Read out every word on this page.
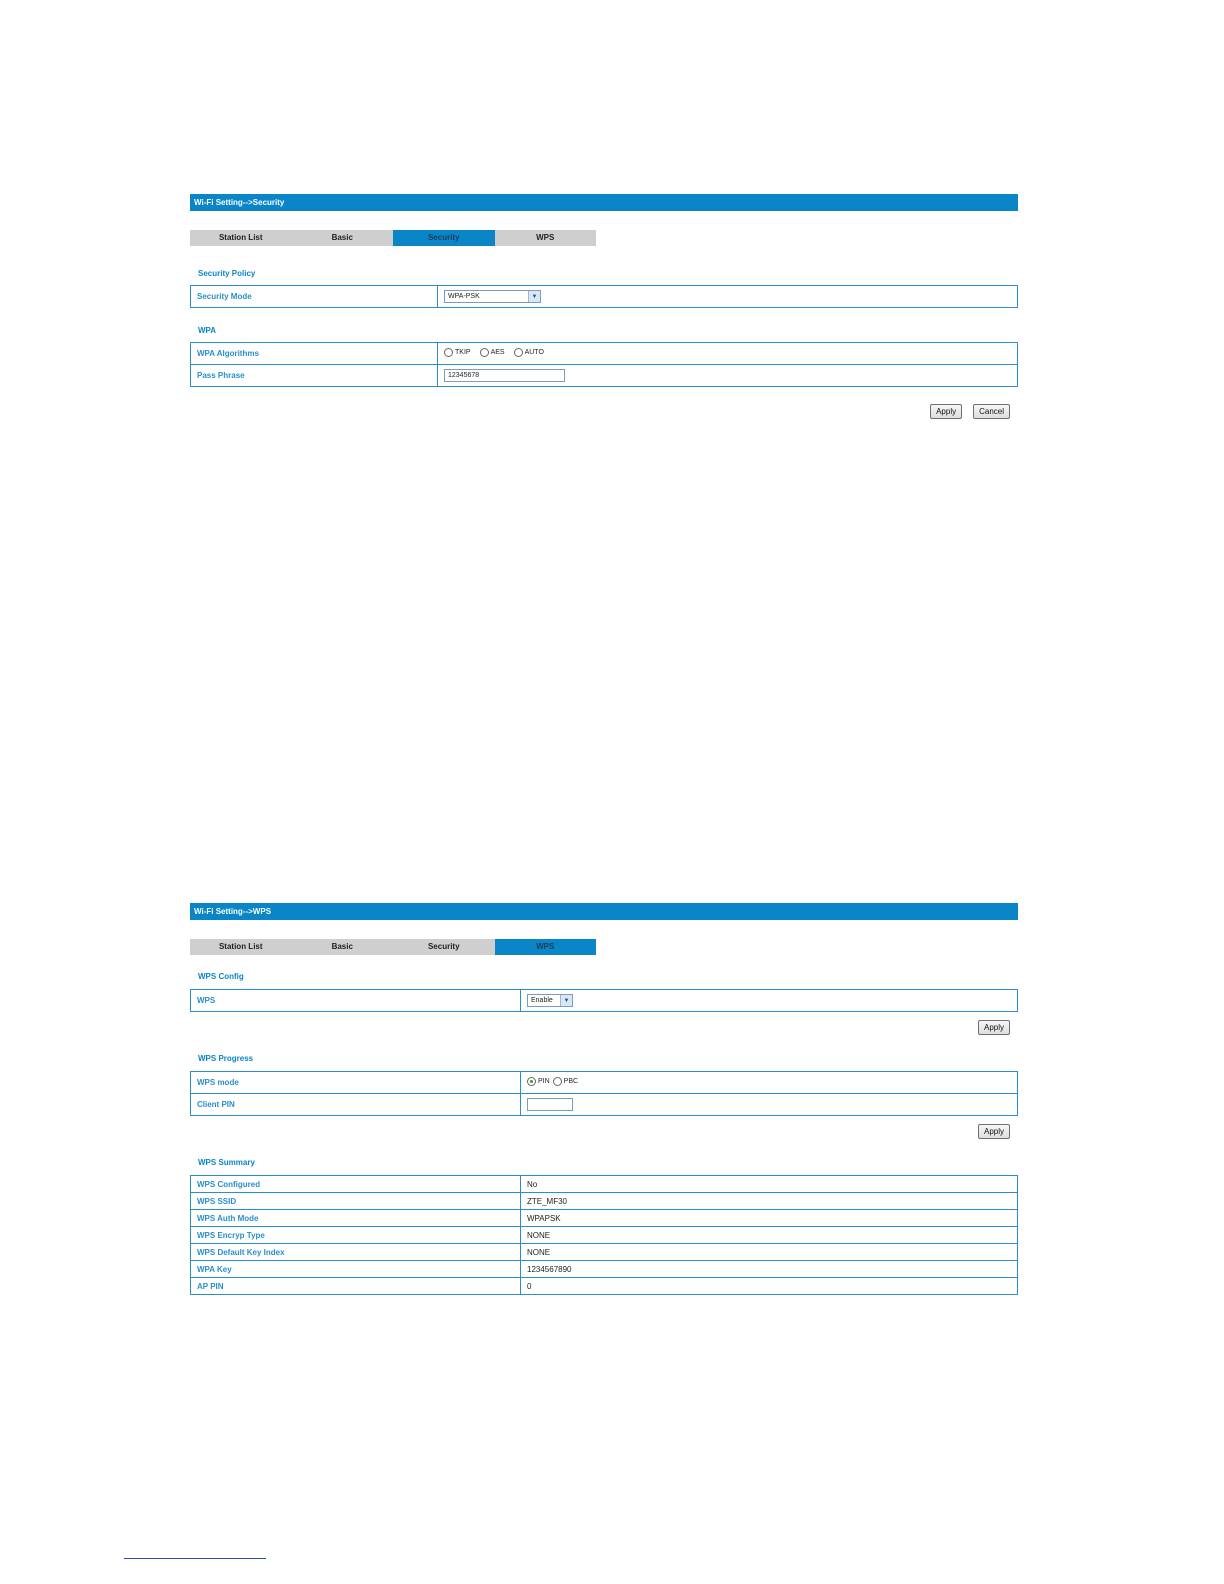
Wi-Fi Setting-->Security
Station List	Basic	Security	WPS
Security Policy
Security Mode	WPA-PSK	▼
WPA
WPA Algorithms	TKIP AES AUTO

Pass Phrase	12345678
Apply	Cancel
Wi-Fi Setting-->WPS
Station List	Basic	Security	WPS
WPS Config
WPS	Enable	▼
Apply
WPS Progress
WPS mode	PIN PBC

Client PIN	
Apply
WPS Summary
WPS Configured	No
WPS SSID	ZTE_MF30
WPS Auth Mode	WPAPSK
WPS Encryp Type	NONE
WPS Default Key Index	NONE
WPA Key	1234567890
AP PIN	0
